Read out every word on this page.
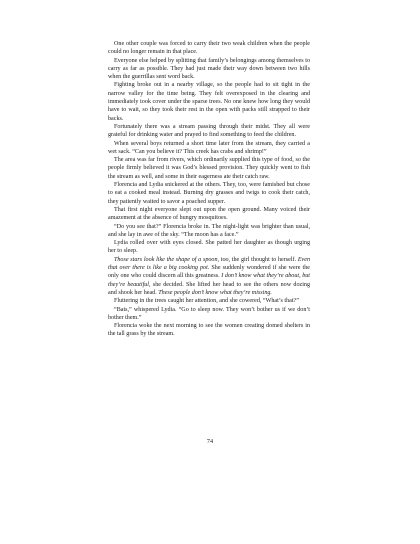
One other couple was forced to carry their two weak children when the people could no longer remain in that place.

Everyone else helped by splitting that family’s belongings among themselves to carry as far as possible. They had just made their way down between two hills when the guerrillas sent word back.

Fighting broke out in a nearby village, so the people had to sit tight in the narrow valley for the time being. They felt overexposed in the clearing and immediately took cover under the sparse trees. No one knew how long they would have to wait, so they took their rest in the open with packs still strapped to their backs.

Fortunately there was a stream passing through their midst. They all were grateful for drinking water and prayed to find something to feed the children.

When several boys returned a short time later from the stream, they carried a wet sack. “Can you believe it? This creek has crabs and shrimp!”

The area was far from rivers, which ordinarily supplied this type of food, so the people firmly believed it was God’s blessed provision. They quickly went to fish the stream as well, and some in their eagerness ate their catch raw.

Florencia and Lydia snickered at the others. They, too, were famished but chose to eat a cooked meal instead. Burning dry grasses and twigs to cook their catch, they patiently waited to savor a poached supper.

That first night everyone slept out upon the open ground. Many voiced their amazement at the absence of hungry mosquitoes.

“Do you see that?” Florencia broke in. The night-light was brighter than usual, and she lay in awe of the sky. “The moon has a face.”

Lydia rolled over with eyes closed. She patted her daughter as though urging her to sleep.

Those stars look like the shape of a spoon, too, the girl thought to herself. Even that over there is like a big cooking pot. She suddenly wondered if she were the only one who could discern all this greatness. I don’t know what they’re about, but they’re beautiful, she decided. She lifted her head to see the others now dozing and shook her head. These people don’t know what they’re missing.

Fluttering in the trees caught her attention, and she cowered, “What’s that?”

“Bats,” whispered Lydia. “Go to sleep now. They won’t bother us if we don’t bother them.”

Florencia woke the next morning to see the women creating domed shelters in the tall grass by the stream.

74
